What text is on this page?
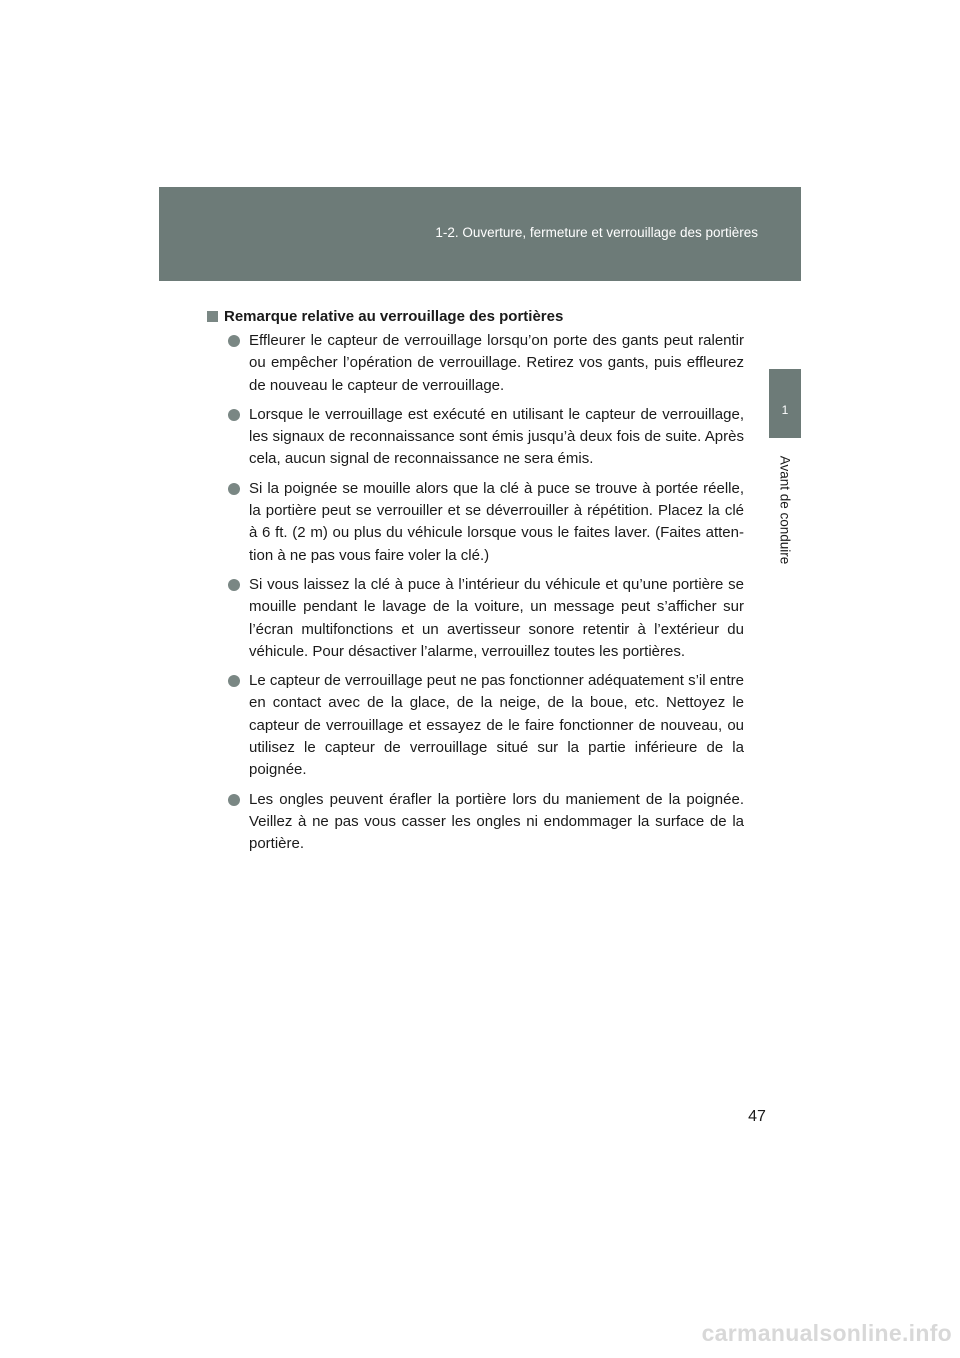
1-2. Ouverture, fermeture et verrouillage des portières
1
Avant de conduire
Remarque relative au verrouillage des portières
Effleurer le capteur de verrouillage lorsqu’on porte des gants peut ralentir ou empêcher l’opération de verrouillage. Retirez vos gants, puis effleurez de nouveau le capteur de verrouillage.
Lorsque le verrouillage est exécuté en utilisant le capteur de verrouillage, les signaux de reconnaissance sont émis jusqu’à deux fois de suite. Après cela, aucun signal de reconnaissance ne sera émis.
Si la poignée se mouille alors que la clé à puce se trouve à portée réelle, la portière peut se verrouiller et se déverrouiller à répétition. Placez la clé à 6 ft. (2 m) ou plus du véhicule lorsque vous le faites laver. (Faites atten-tion à ne pas vous faire voler la clé.)
Si vous laissez la clé à puce à l’intérieur du véhicule et qu’une portière se mouille pendant le lavage de la voiture, un message peut s’afficher sur l’écran multifonctions et un avertisseur sonore retentir à l’extérieur du véhicule. Pour désactiver l’alarme, verrouillez toutes les portières.
Le capteur de verrouillage peut ne pas fonctionner adéquatement s’il entre en contact avec de la glace, de la neige, de la boue, etc. Nettoyez le capteur de verrouillage et essayez de le faire fonctionner de nouveau, ou utilisez le capteur de verrouillage situé sur la partie inférieure de la poignée.
Les ongles peuvent érafler la portière lors du maniement de la poignée. Veillez à ne pas vous casser les ongles ni endommager la surface de la portière.
47
carmanualsonline.info
